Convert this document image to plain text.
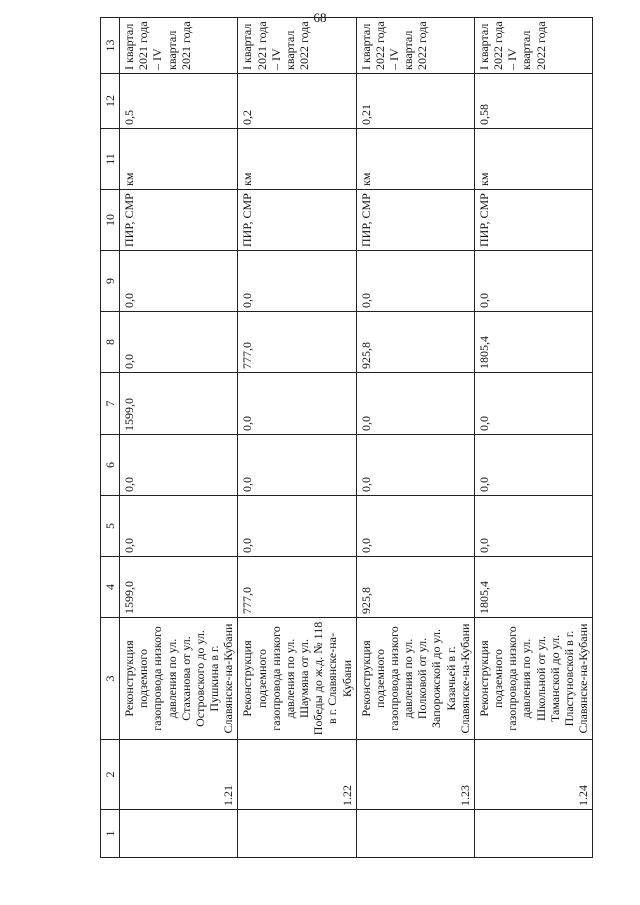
68
1	2	3	4	5	6	7	8	9	10	11	12	13
	1.21	Реконструкция подземного газопровода низкого давления по ул. Стаханова от ул. Островского до ул. Пушкина в г. Славянске-на-Кубани	1599,0	0,0	0,0	1599,0	0,0	0,0	ПИР, СМР	км	0,5	I квартал 2021 года – IV квартал 2021 года
	1.22	Реконструкция подземного газопровода низкого давления по ул. Шаумяна от ул. Победы до ж.д. № 118 в г. Славянске-на-Кубани	777,0	0,0	0,0	0,0	777,0	0,0	ПИР, СМР	км	0,2	I квартал 2021 года – IV квартал 2022 года
	1.23	Реконструкция подземного газопровода низкого давления по ул. Полковой от ул. Запорожской до ул. Казачьей в г. Славянске-на-Кубани	925,8	0,0	0,0	0,0	925,8	0,0	ПИР, СМР	км	0,21	I квартал 2022 года – IV квартал 2022 года
	1.24	Реконструкция подземного газопровода низкого давления по ул. Школьной от ул. Таманской до ул. Пластуновской в г. Славянске-на-Кубани	1805,4	0,0	0,0	0,0	1805,4	0,0	ПИР, СМР	км	0,58	I квартал 2022 года – IV квартал 2022 года
